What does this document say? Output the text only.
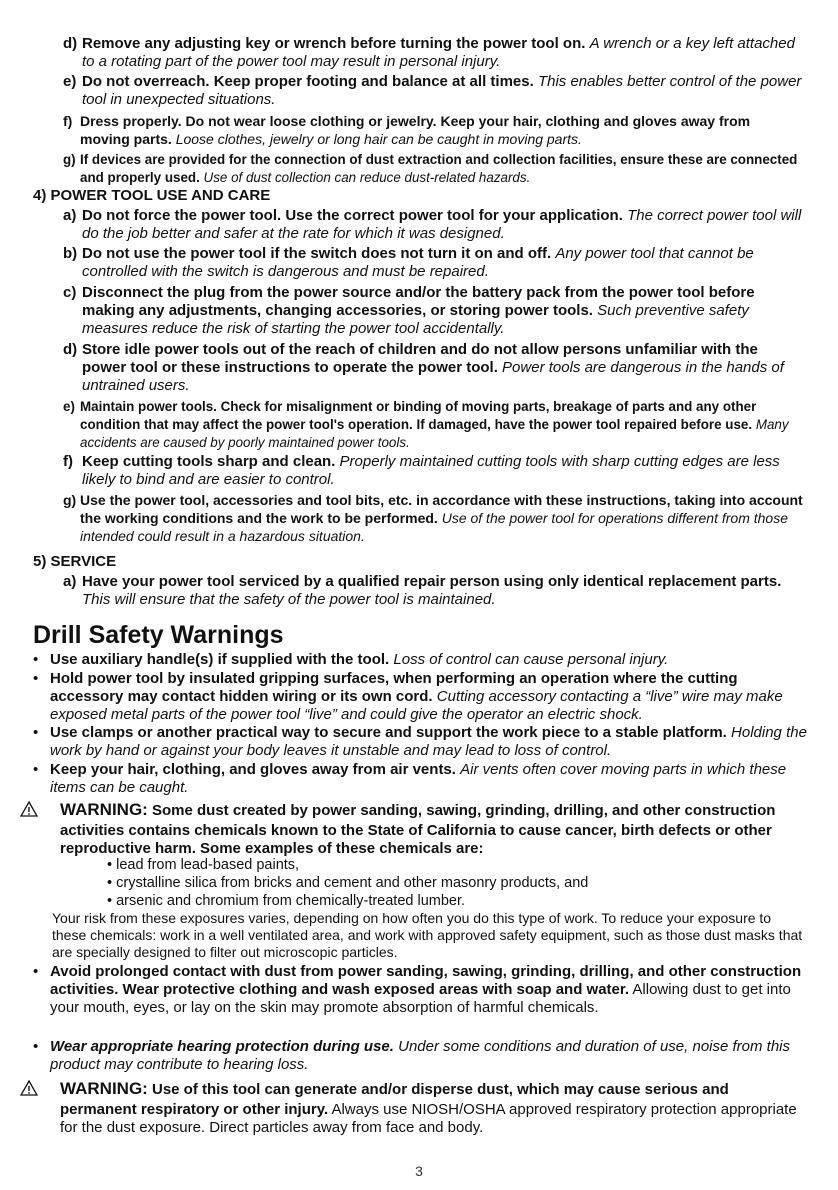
d) Remove any adjusting key or wrench before turning the power tool on. A wrench or a key left attached to a rotating part of the power tool may result in personal injury.
e) Do not overreach. Keep proper footing and balance at all times. This enables better control of the power tool in unexpected situations.
f) Dress properly. Do not wear loose clothing or jewelry. Keep your hair, clothing and gloves away from moving parts. Loose clothes, jewelry or long hair can be caught in moving parts.
g) If devices are provided for the connection of dust extraction and collection facilities, ensure these are connected and properly used. Use of dust collection can reduce dust-related hazards.
4) POWER TOOL USE AND CARE
a) Do not force the power tool. Use the correct power tool for your application. The correct power tool will do the job better and safer at the rate for which it was designed.
b) Do not use the power tool if the switch does not turn it on and off. Any power tool that cannot be controlled with the switch is dangerous and must be repaired.
c) Disconnect the plug from the power source and/or the battery pack from the power tool before making any adjustments, changing accessories, or storing power tools. Such preventive safety measures reduce the risk of starting the power tool accidentally.
d) Store idle power tools out of the reach of children and do not allow persons unfamiliar with the power tool or these instructions to operate the power tool. Power tools are dangerous in the hands of untrained users.
e) Maintain power tools. Check for misalignment or binding of moving parts, breakage of parts and any other condition that may affect the power tool's operation. If damaged, have the power tool repaired before use. Many accidents are caused by poorly maintained power tools.
f) Keep cutting tools sharp and clean. Properly maintained cutting tools with sharp cutting edges are less likely to bind and are easier to control.
g) Use the power tool, accessories and tool bits, etc. in accordance with these instructions, taking into account the working conditions and the work to be performed. Use of the power tool for operations different from those intended could result in a hazardous situation.
5) SERVICE
a) Have your power tool serviced by a qualified repair person using only identical replacement parts. This will ensure that the safety of the power tool is maintained.
Drill Safety Warnings
• Use auxiliary handle(s) if supplied with the tool. Loss of control can cause personal injury.
• Hold power tool by insulated gripping surfaces, when performing an operation where the cutting accessory may contact hidden wiring or its own cord. Cutting accessory contacting a “live” wire may make exposed metal parts of the power tool “live” and could give the operator an electric shock.
• Use clamps or another practical way to secure and support the work piece to a stable platform. Holding the work by hand or against your body leaves it unstable and may lead to loss of control.
• Keep your hair, clothing, and gloves away from air vents. Air vents often cover moving parts in which these items can be caught.
WARNING: Some dust created by power sanding, sawing, grinding, drilling, and other construction activities contains chemicals known to the State of California to cause cancer, birth defects or other reproductive harm. Some examples of these chemicals are:
• lead from lead-based paints,
• crystalline silica from bricks and cement and other masonry products, and
• arsenic and chromium from chemically-treated lumber.
Your risk from these exposures varies, depending on how often you do this type of work. To reduce your exposure to these chemicals: work in a well ventilated area, and work with approved safety equipment, such as those dust masks that are specially designed to filter out microscopic particles.
• Avoid prolonged contact with dust from power sanding, sawing, grinding, drilling, and other construction activities. Wear protective clothing and wash exposed areas with soap and water. Allowing dust to get into your mouth, eyes, or lay on the skin may promote absorption of harmful chemicals.
• Wear appropriate hearing protection during use. Under some conditions and duration of use, noise from this product may contribute to hearing loss.
WARNING: Use of this tool can generate and/or disperse dust, which may cause serious and permanent respiratory or other injury. Always use NIOSH/OSHA approved respiratory protection appropriate for the dust exposure. Direct particles away from face and body.
3
